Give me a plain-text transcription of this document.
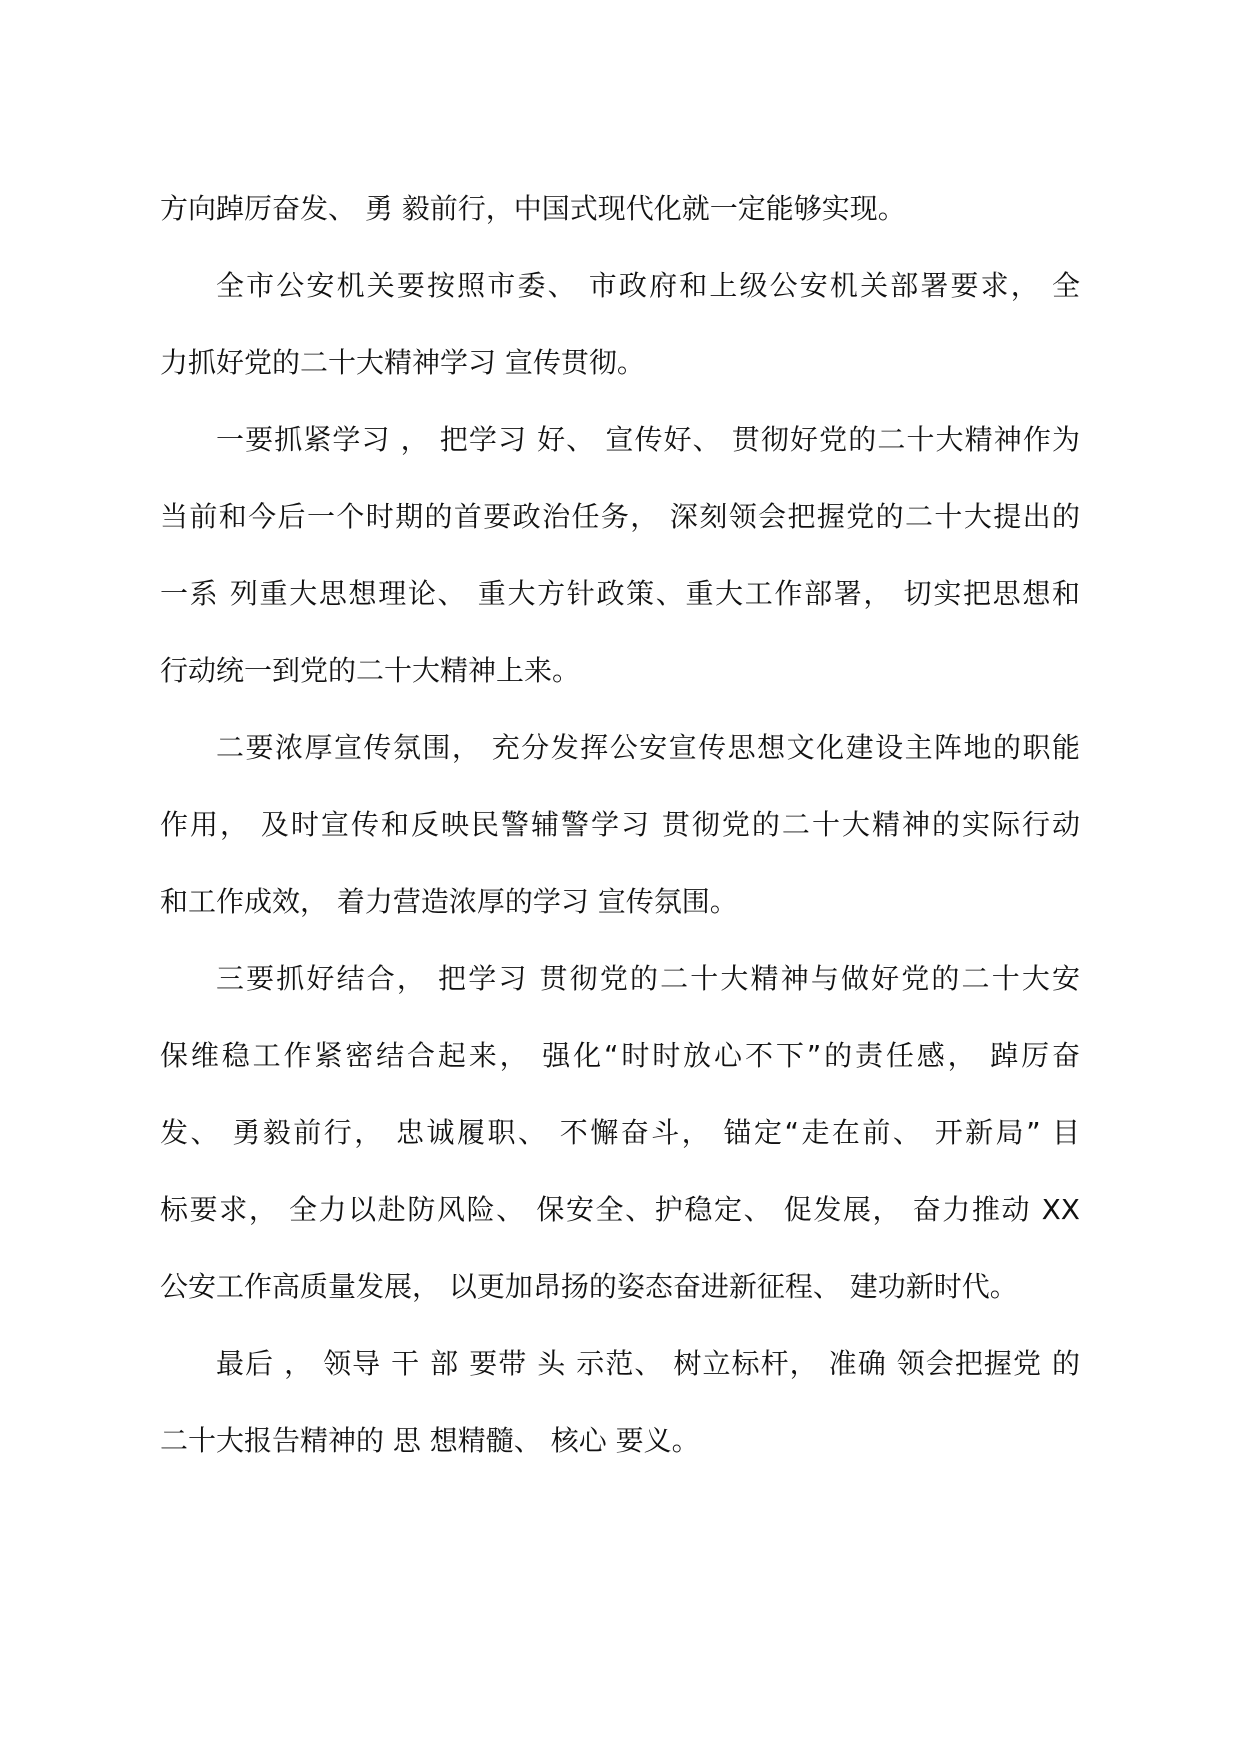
方向踔厉奋发、 勇 毅前行，中国式现代化就一定能够实现。
全市公安机关要按照市委、 市政府和上级公安机关部署要求， 全
力抓好党的二十大精神学习 宣传贯彻。
一要抓紧学习 ， 把学习 好、 宣传好、 贯彻好党的二十大精神作为
当前和今后一个时期的首要政治任务， 深刻领会把握党的二十大提出的
一系 列重大思想理论、 重大方针政策、重大工作部署， 切实把思想和
行动统一到党的二十大精神上来。
二要浓厚宣传氛围， 充分发挥公安宣传思想文化建设主阵地的职能
作用， 及时宣传和反映民警辅警学习 贯彻党的二十大精神的实际行动
和工作成效， 着力营造浓厚的学习 宣传氛围。
三要抓好结合， 把学习 贯彻党的二十大精神与做好党的二十大安
保维稳工作紧密结合起来， 强化“时时放心不下”的责任感， 踔厉奋
发、 勇毅前行， 忠诚履职、 不懈奋斗， 锚定“走在前、 开新局” 目
标要求， 全力以赴防风险、 保安全、护稳定、 促发展， 奋力推动 XX
公安工作高质量发展， 以更加昂扬的姿态奋进新征程、 建功新时代。
最后 ， 领导 干 部 要带 头 示范、 树立标杆， 准确 领会把握党 的
二十大报告精神的 思 想精髓、 核心 要义。
